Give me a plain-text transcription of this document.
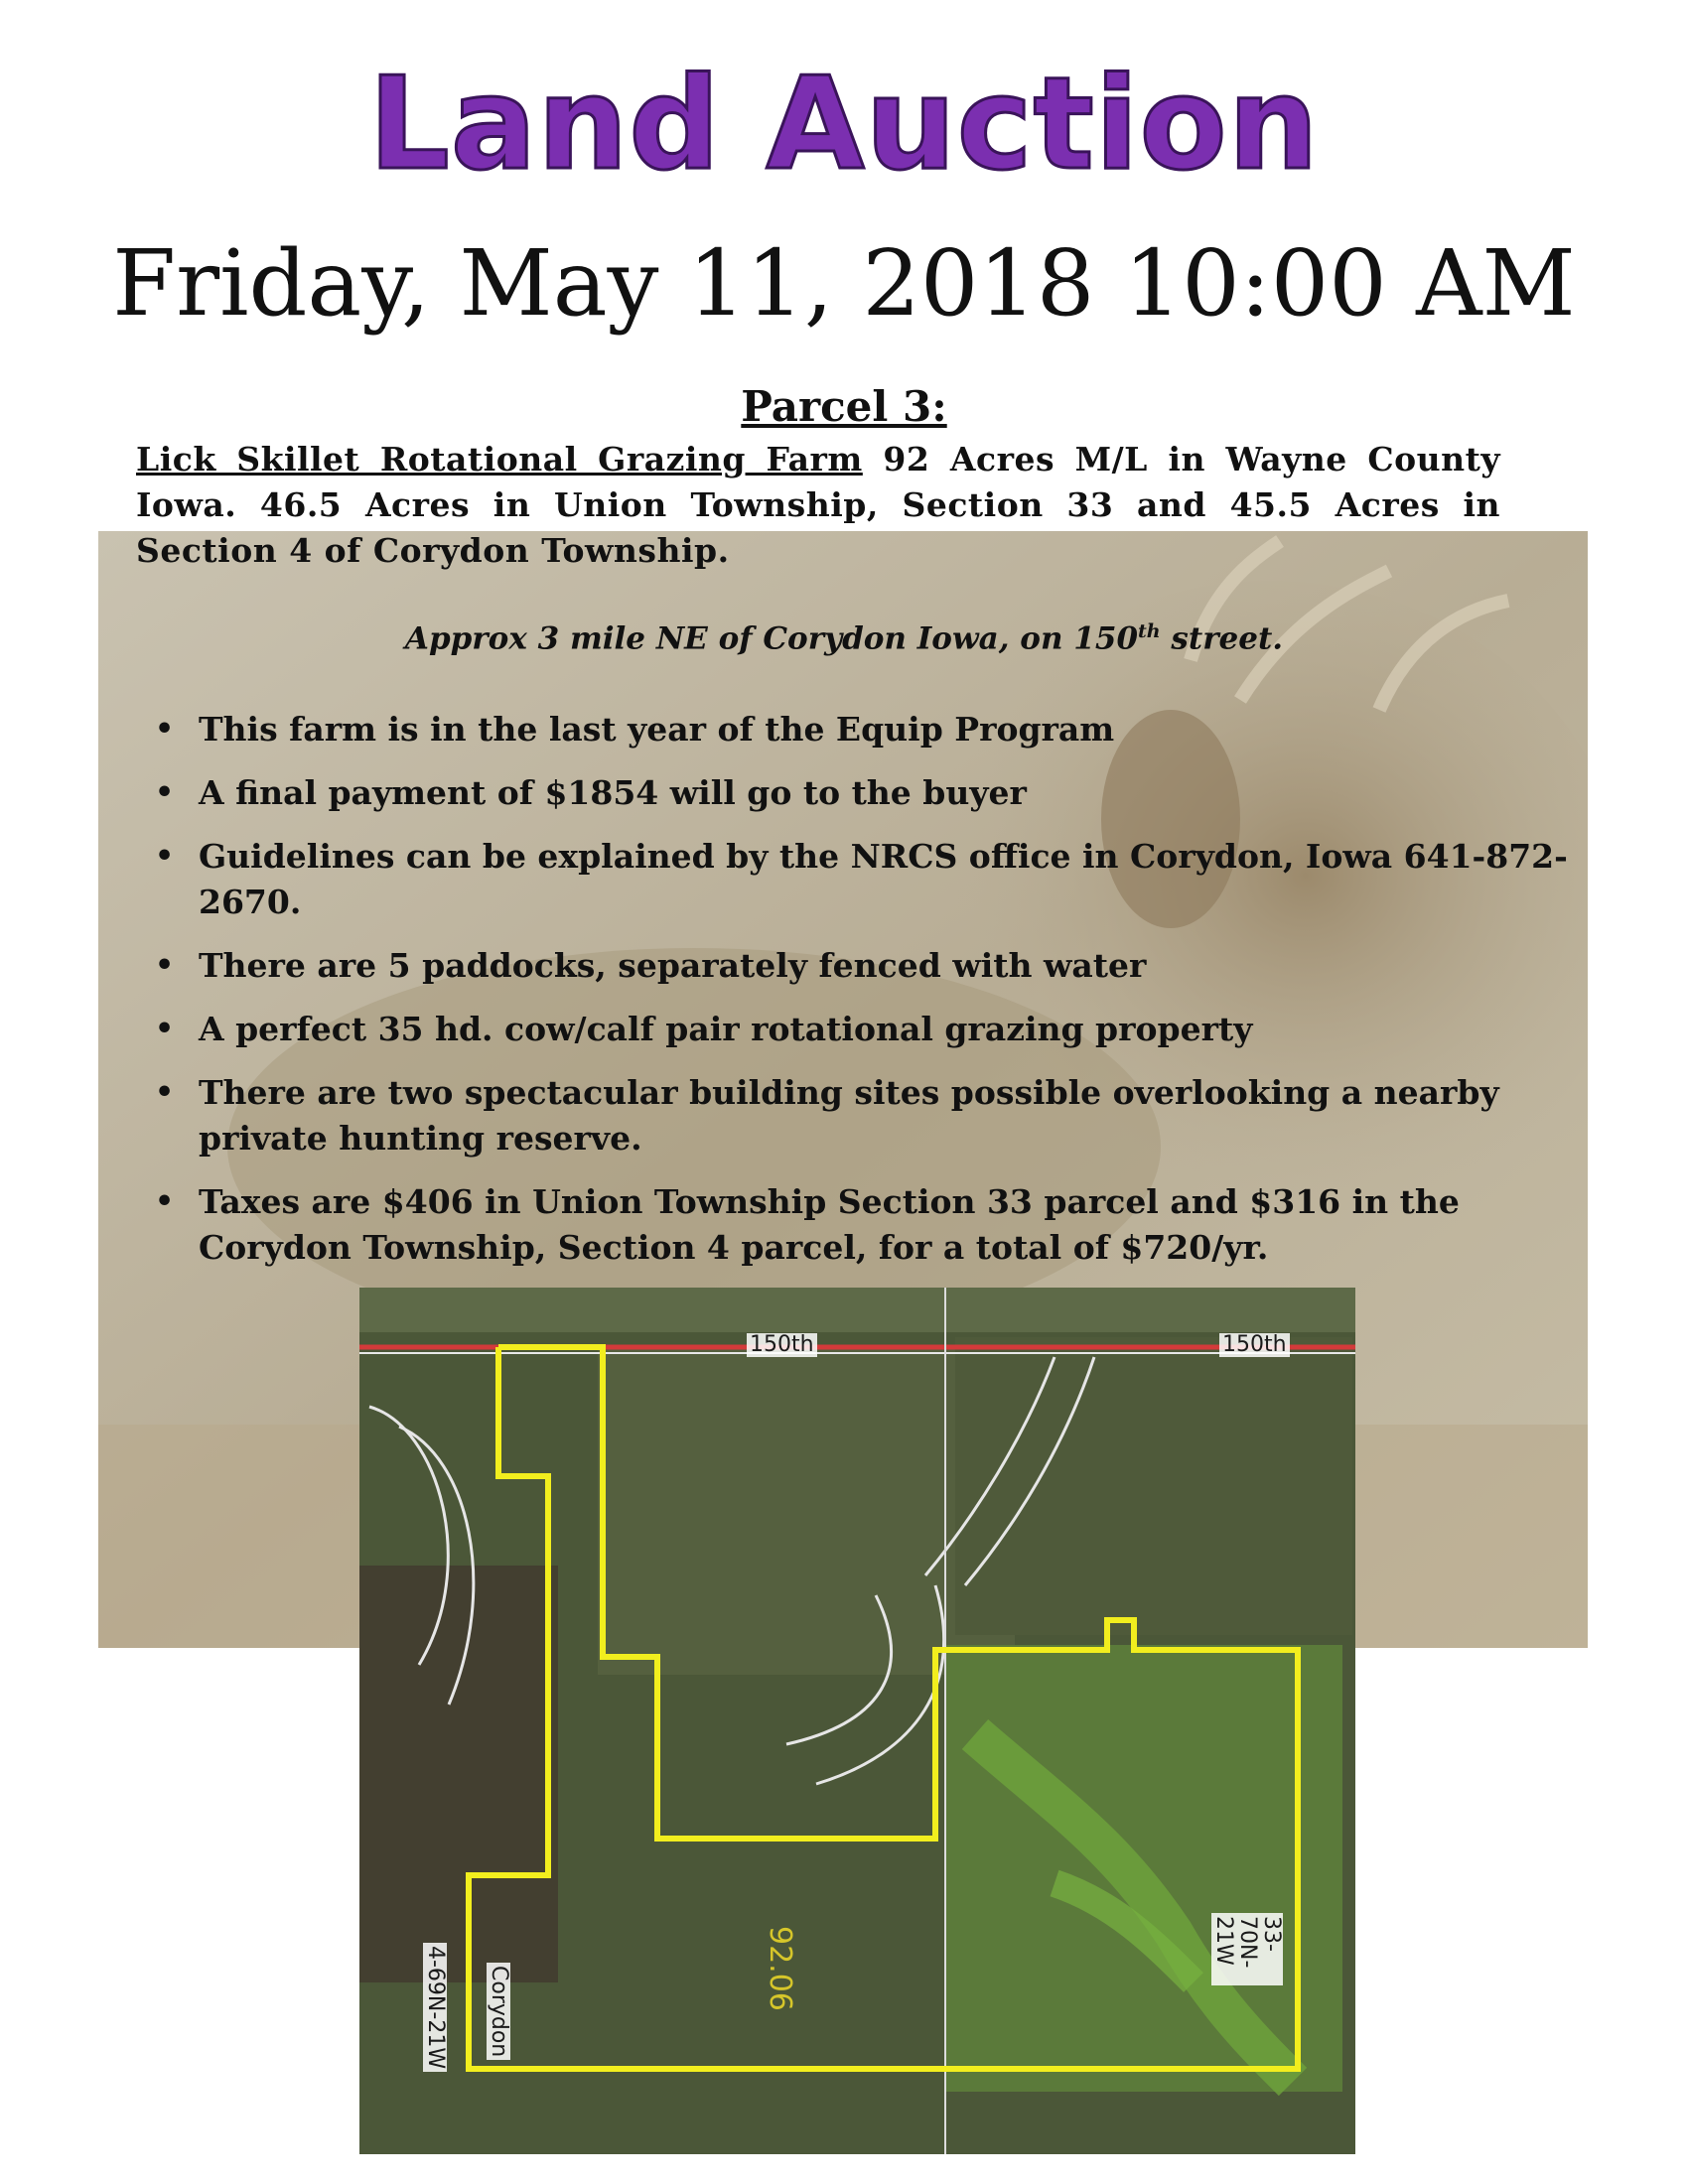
Land Auction
Friday, May 11, 2018 10:00 AM
Parcel 3:
Lick Skillet Rotational Grazing Farm 92 Acres M/L in Wayne County Iowa. 46.5 Acres in Union Township, Section 33 and 45.5 Acres in Section 4 of Corydon Township.
Approx 3 mile NE of Corydon Iowa, on 150th street.
• This farm is in the last year of the Equip Program
• A final payment of $1854 will go to the buyer
• Guidelines can be explained by the NRCS office in Corydon, Iowa 641-872-2670.
• There are 5 paddocks, separately fenced with water
• A perfect 35 hd. cow/calf pair rotational grazing property
• There are two spectacular building sites possible overlooking a nearby private hunting reserve.
• Taxes are $406 in Union Township Section 33 parcel and $316 in the Corydon Township, Section 4 parcel, for a total of $720/yr.
150th	150th
4-69N-21W Corydon
33-70N-21W
92.06
